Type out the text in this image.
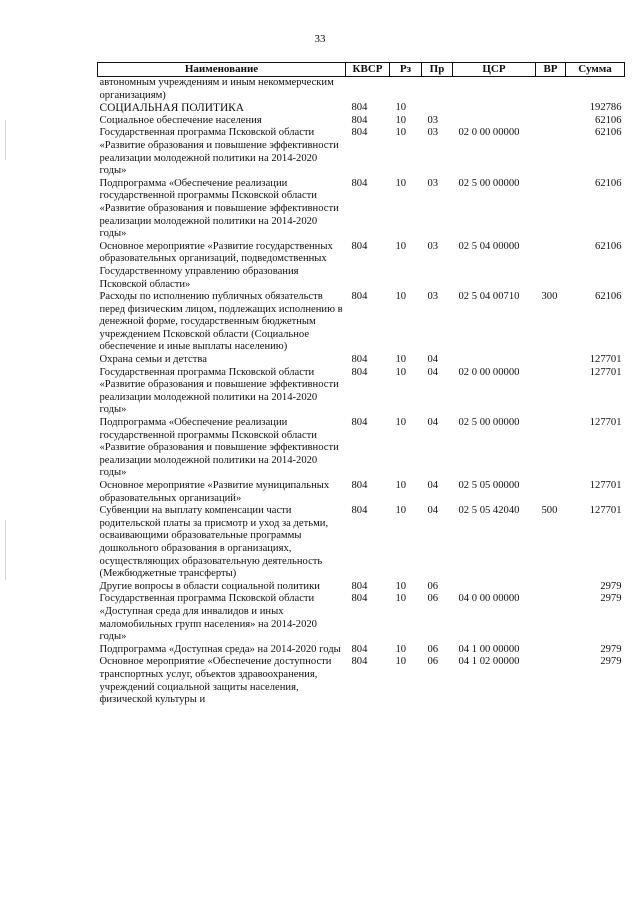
33
Наименование	КВСР	Рз	Пр	ЦСР	ВР	Сумма
автономным учреждениям и иным некоммерческим организациям)						
СОЦИАЛЬНАЯ ПОЛИТИКА	804	10				192786
Социальное обеспечение населения	804	10	03			62106
Государственная программа Псковской области «Развитие образования и повышение эффективности реализации молодежной политики на 2014-2020 годы»	804	10	03	02 0 00 00000		62106
Подпрограмма «Обеспечение реализации государственной программы Псковской области «Развитие образования и повышение эффективности реализации молодежной политики на 2014-2020 годы»	804	10	03	02 5 00 00000		62106
Основное мероприятие «Развитие государственных образовательных организаций, подведомственных Государственному управлению образования Псковской области»	804	10	03	02 5 04 00000		62106
Расходы по исполнению публичных обязательств перед физическим лицом, подлежащих исполнению в денежной форме, государственным бюджетным учреждением Псковской области (Социальное обеспечение и иные выплаты населению)	804	10	03	02 5 04 00710	300	62106
Охрана семьи и детства	804	10	04			127701
Государственная программа Псковской области «Развитие образования и повышение эффективности реализации молодежной политики на 2014-2020 годы»	804	10	04	02 0 00 00000		127701
Подпрограмма «Обеспечение реализации государственной программы Псковской области «Развитие образования и повышение эффективности реализации молодежной политики на 2014-2020 годы»	804	10	04	02 5 00 00000		127701
Основное мероприятие «Развитие муниципальных образовательных организаций»	804	10	04	02 5 05 00000		127701
Субвенции на выплату компенсации части родительской платы за присмотр и уход за детьми, осваивающими образовательные программы дошкольного образования в организациях, осуществляющих образовательную деятельность (Межбюджетные трансферты)	804	10	04	02 5 05 42040	500	127701
Другие вопросы в области социальной политики	804	10	06			2979
Государственная программа Псковской области «Доступная среда для инвалидов и иных маломобильных групп населения» на 2014-2020 годы»	804	10	06	04 0 00 00000		2979
Подпрограмма «Доступная среда» на 2014-2020 годы	804	10	06	04 1 00 00000		2979
Основное мероприятие «Обеспечение доступности транспортных услуг, объектов здравоохранения, учреждений социальной защиты населения, физической культуры и	804	10	06	04 1 02 00000		2979
